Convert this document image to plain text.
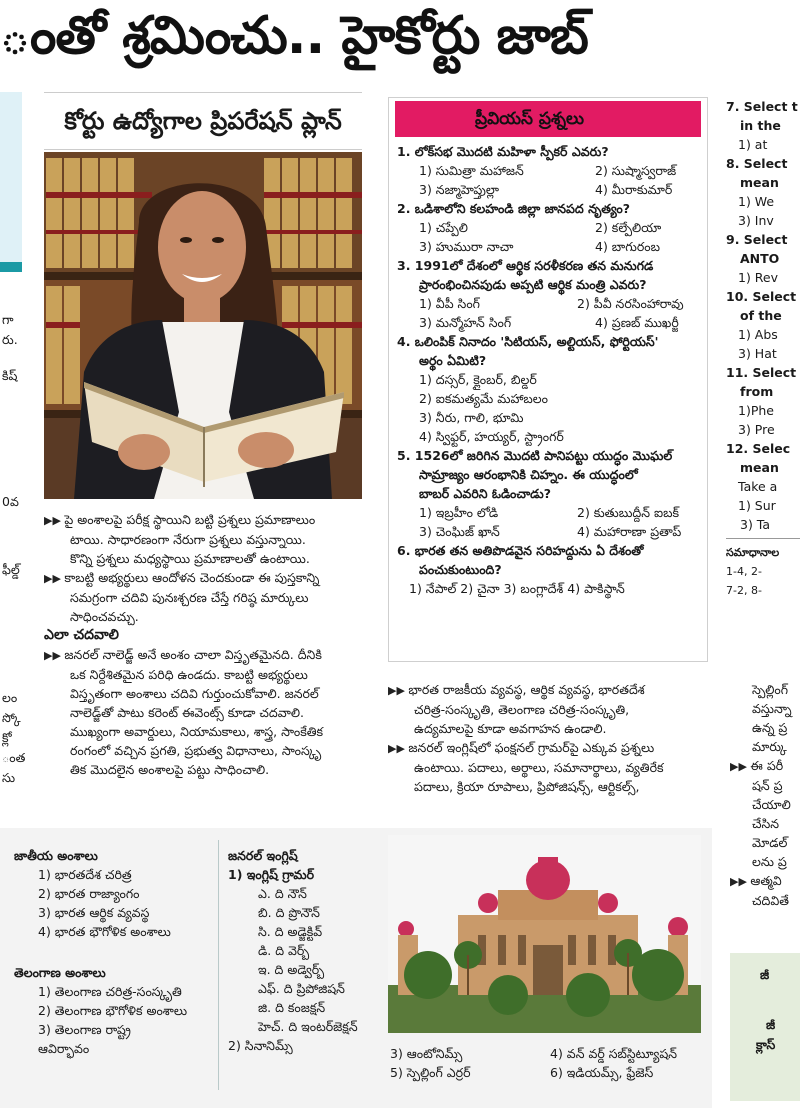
ంతో శ్రమించు.. హైకోర్టు జాబ్
గా
రు.
కిష్
0వ
ఫీల్డ్
లం
స్కో
క్లో
ంత
సు
కోర్టు ఉద్యోగాల ప్రిపరేషన్ ప్లాన్	ప్రీవియస్ ప్రశ్నలు
1. లోక్‌సభ మొదటి మహిళా స్పీకర్ ఎవరు?
1) సుమిత్రా మహాజన్	2) సుష్మాస్వరాజ్
3) నజ్మాహెప్తుల్లా	4) మీరాకుమార్
2. ఒడిశాలోని కలహండి జిల్లా జానపద నృత్యం?
1) చప్పేలి	2) కల్పేలియా
3) హుమురా నాచా	4) బాగురంబ
3. 1991లో దేశంలో ఆర్థిక సరళీకరణ తన మనుగడ
ప్రారంభించినపుడు అప్పటి ఆర్థిక మంత్రి ఎవరు?
1) వీపీ సింగ్	2) పీవీ నరసింహారావు
3) మన్మోహన్ సింగ్	4) ప్రణబ్ ముఖర్జీ
4. ఒలింపిక్ నినాదం 'సిటియస్, అల్టియస్, ఫోర్టియస్'
అర్థం ఏమిటి?
1) దస్సర్, క్లైంబర్, బిల్డర్
2) ఐకమత్యమే మహాబలం
3) నీరు, గాలి, భూమి
4) స్విఫ్టర్, హయ్యర్, స్ట్రాంగర్
5. 1526లో జరిగిన మొదటి పానిపట్టు యుద్ధం మొఘల్
సామ్రాజ్యం ఆరంభానికి చిహ్నం. ఈ యుద్ధంలో
బాబర్ ఎవరిని ఓడించాడు?
1) ఇబ్రహీం లోడి	2) కుతుబుద్దీన్ ఐబక్
3) చెంఘిజ్ ఖాన్	4) మహారాణా ప్రతాప్
6. భారత తన అతిపొడవైన సరిహద్దును ఏ దేశంతో
పంచుకుంటుంది?
1) నేపాల్ 2) చైనా 3) బంగ్లాదేశ్ 4) పాకిస్థాన్
7. Select t
in the
1) at
8. Select
mean
1) We
3) Inv
9. Select
ANTO
1) Rev
10. Select
of the
1) Abs
3) Hat
11. Select
from
1)Phe
3) Pre
12. Selec
mean
Take a
1) Sur
3) Ta
సమాధానాల
1-4, 2-
7-2, 8-
▶▶ పై అంశాలపై పరీక్ష స్థాయిని బట్టి ప్రశ్నలు ప్రమాణాలుం
టాయి. సాధారణంగా నేరుగా ప్రశ్నలు వస్తున్నాయి.
కొన్ని ప్రశ్నలు మధ్యస్థాయి ప్రమాణాలతో ఉంటాయి.
▶▶ కాబట్టి అభ్యర్థులు ఆందోళన చెందకుండా ఈ పుస్తకాన్ని
సమగ్రంగా చదివి పునఃశ్చరణ చేస్తే గరిష్ఠ మార్కులు
సాధించవచ్చు.
ఎలా చదవాలి
▶▶ జనరల్ నాలెడ్జ్ అనే అంశం చాలా విస్తృతమైనది. దీనికి
ఒక నిర్దేశితమైన పరిధి ఉండదు. కాబట్టి అభ్యర్థులు
విస్తృతంగా అంశాలు చదివి గుర్తుంచుకోవాలి. జనరల్
నాలెడ్జ్‌తో పాటు కరెంట్ ఈవెంట్స్ కూడా చదవాలి.
ముఖ్యంగా అవార్డులు, నియామకాలు, శాస్త్ర, సాంకేతిక
రంగంలో వచ్చిన ప్రగతి, ప్రభుత్వ విధానాలు, సాంస్కృ
తిక మొదలైన అంశాలపై పట్టు సాధించాలి.
▶▶ భారత రాజకీయ వ్యవస్థ, ఆర్థిక వ్యవస్థ, భారతదేశ
చరిత్ర-సంస్కృతి, తెలంగాణ చరిత్ర-సంస్కృతి,
ఉద్యమాలపై కూడా అవగాహన ఉండాలి.
▶▶ జనరల్ ఇంగ్లిష్‌లో ఫంక్షనల్ గ్రామర్‌పై ఎక్కువ ప్రశ్నలు
ఉంటాయి. పదాలు, అర్థాలు, సమానార్థాలు, వ్యతిరేక
పదాలు, క్రియా రూపాలు, ప్రిపోజిషన్స్, ఆర్టికల్స్,
స్పెల్లింగ్
వస్తున్నా
ఉన్న ప్ర
మార్కు
▶▶ ఈ పరీ
షన్ ప్ర
చేయాలి
చేసిన
మోడల్
లను ప్ర
▶▶ ఆత్మవి
చదివితే
జాతీయ అంశాలు
1) భారతదేశ చరిత్ర
2) భారత రాజ్యాంగం
3) భారత ఆర్థిక వ్యవస్థ
4) భారత భౌగోళిక అంశాలు
తెలంగాణ అంశాలు
1) తెలంగాణ చరిత్ర-సంస్కృతి
2) తెలంగాణ భౌగోళిక అంశాలు
3) తెలంగాణ రాష్ట్ర
ఆవిర్భావం
జనరల్ ఇంగ్లిష్
1) ఇంగ్లిష్ గ్రామర్
ఎ. ది నౌన్
బి. ది ప్రొనౌన్
సి. ది అడ్జెక్టివ్
డి. ది వెర్బ్
ఇ. ది అడ్వెర్బ్
ఎఫ్. ది ప్రిపోజిషన్
జి. ది కంజక్షన్
హెచ్. ది ఇంటర్‌జెక్షన్
2) సినానిమ్స్
3) ఆంటోనిమ్స్	4) వన్ వర్డ్ సబ్‌స్టిట్యూషన్
5) స్పెల్లింగ్ ఎర్రర్	6) ఇడియమ్స్, ఫ్రేజెస్
జీ
జీ
క్లాస్
